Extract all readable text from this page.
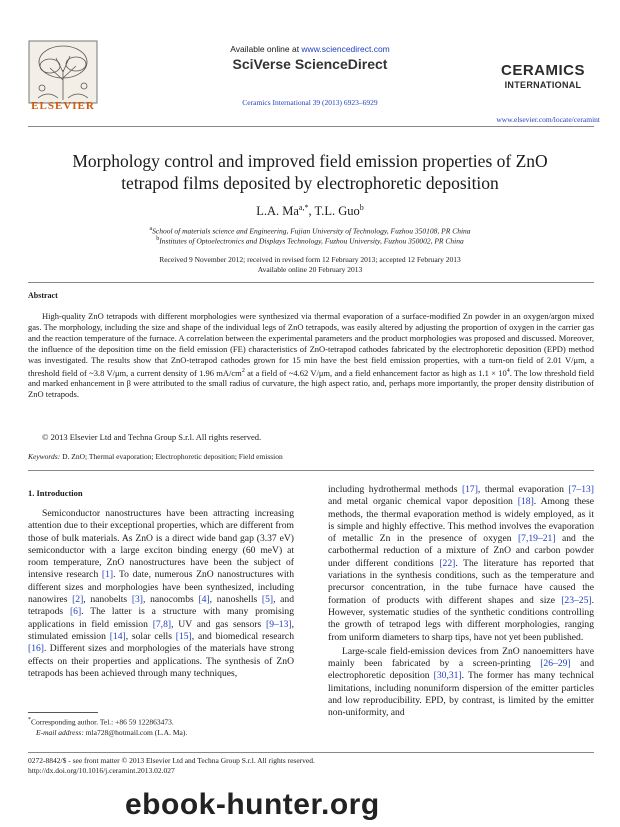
ELSEVIER
Available online at www.sciencedirect.com
SciVerse ScienceDirect
Ceramics International 39 (2013) 6923–6929
CERAMICS
INTERNATIONAL
www.elsevier.com/locate/ceramint
Morphology control and improved field emission properties of ZnO
tetrapod films deposited by electrophoretic deposition
L.A. $Ma^{a,*}$, T.L. Guo$^b$
$^a$School of materials science and Engineering, Fujian University of Technology, Fuzhou 350108, PR China
$^b$Institutes of Optoelectronics and Displays Technology, Fuzhou University, Fuzhou 350002, PR China
Received 9 November 2012; received in revised form 12 February 2013; accepted 12 February 2013
Available online 20 February 2013
Abstract
High-quality ZnO tetrapods with different morphologies were synthesized via thermal evaporation of a surface-modified Zn powder in an oxygen/argon mixed gas. The morphology, including the size and shape of the individual legs of ZnO tetrapods, was easily altered by adjusting the proportion of oxygen in the carrier gas and the reaction temperature of the furnace. A correlation between the experimental parameters and the product morphologies was proposed and discussed. Moreover, the influence of the deposition time on the field emission (FE) characteristics of ZnO-tetrapod cathodes fabricated by the electrophoretic deposition (EPD) method was investigated. The results show that ZnO-tetrapod cathodes grown for 15 min have the best field emission properties, with a turn-on field of 2.01 V/μm, a threshold field of ~3.8 V/μm, a current density of 1.96 $mA/cm^2$ at a field of ~4.62 V/μm, and a field enhancement factor as high as $1.1 \times 10^4$. The low threshold field and marked enhancement in β were attributed to the small radius of curvature, the high aspect ratio, and, perhaps more importantly, the proper density distribution of ZnO tetrapods.
© 2013 Elsevier Ltd and Techna Group S.r.l. All rights reserved.
Keywords: D. ZnO; Thermal evaporation; Electrophoretic deposition; Field emission
1. Introduction

Semiconductor nanostructures have been attracting increasing attention due to their exceptional properties, which are different from those of bulk materials. As ZnO is a direct wide band gap (3.37 eV) semiconductor with a large exciton binding energy (60 meV) at room temperature, ZnO nanostructures have been the subject of intensive research [1]. To date, numerous ZnO nanostructures with different sizes and morphologies have been synthesized, including nanowires [2], nanobelts [3], nanocombs [4], nanoshells [5], and tetrapods [6]. The latter is a structure with many promising applications in field emission [7,8], UV and gas sensors [9–13], stimulated emission [14], solar cells [15], and biomedical research [16]. Different sizes and morphologies of the materials have strong effects on their properties and applications. The synthesis of ZnO tetrapods has been achieved through many techniques,

including hydrothermal methods [17], thermal evaporation [7–13] and metal organic chemical vapor deposition [18]. Among these methods, the thermal evaporation method is widely employed, as it is simple and highly effective. This method involves the evaporation of metallic Zn in the presence of oxygen [7,19–21] and the carbothermal reduction of a mixture of ZnO and carbon powder under different conditions [22]. The literature has reported that variations in the synthesis conditions, such as the temperature and precursor concentration, in the tube furnace have caused the formation of products with different shapes and size [23–25]. However, systematic studies of the synthetic conditions controlling the growth of tetrapod legs with different morphologies, ranging from uniform diameters to sharp tips, have not yet been published.

Large-scale field-emission devices from ZnO nanoemitters have mainly been fabricated by a screen-printing [26–29] and electrophoretic deposition [30,31]. The former has many technical limitations, including nonuniform dispersion of the emitter particles and low reproducibility. EPD, by contrast, is limited by the emitter non-uniformity, and

*Corresponding author. Tel.: +86 59 122863473.
E-mail address: mla728@hotmail.com (L.A. Ma).
0272-8842/$ - see front matter © 2013 Elsevier Ltd and Techna Group S.r.l. All rights reserved.
http://dx.doi.org/10.1016/j.ceramint.2013.02.027
ebook-hunter.org
